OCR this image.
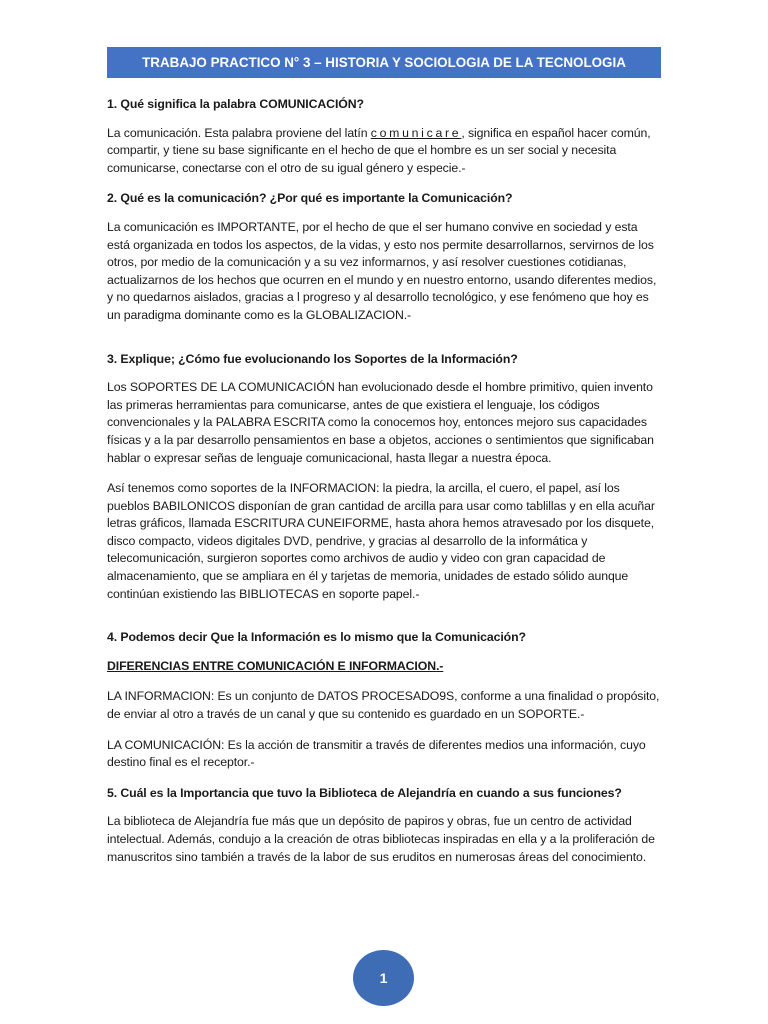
TRABAJO PRACTICO N° 3 – HISTORIA Y SOCIOLOGIA DE LA TECNOLOGIA
1. Qué significa la palabra COMUNICACIÓN?
La comunicación. Esta palabra proviene del latín comunicare, significa en español hacer común, compartir, y tiene su base significante en el hecho de que el hombre es un ser social y necesita comunicarse, conectarse con el otro de su igual género y especie.-
2. Qué es la comunicación? ¿Por qué es importante la Comunicación?
La comunicación es IMPORTANTE, por el hecho de que el ser humano convive en sociedad y esta está organizada en todos los aspectos, de la vidas, y esto nos permite desarrollarnos, servirnos de los otros, por medio de la comunicación y a su vez informarnos, y así resolver cuestiones cotidianas, actualizarnos de los hechos que ocurren en el mundo y en nuestro entorno, usando diferentes medios, y no quedarnos aislados, gracias a l progreso y al desarrollo tecnológico, y ese fenómeno que hoy es un paradigma dominante como es la GLOBALIZACION.-
3. Explique; ¿Cómo fue evolucionando los Soportes de la Información?
Los SOPORTES DE LA COMUNICACIÓN han evolucionado desde el hombre primitivo, quien invento las primeras herramientas para comunicarse, antes de que existiera el lenguaje, los códigos convencionales y la PALABRA ESCRITA como la conocemos hoy, entonces mejoro sus capacidades físicas y a la par desarrollo pensamientos en base a objetos, acciones o sentimientos que significaban hablar o expresar señas de lenguaje comunicacional, hasta llegar a nuestra época.
Así tenemos como soportes de la INFORMACION: la piedra, la arcilla, el cuero, el papel, así los pueblos BABILONICOS disponían de gran cantidad de arcilla para usar como tablillas y en ella acuñar letras gráficos, llamada ESCRITURA CUNEIFORME, hasta ahora hemos atravesado por los disquete, disco compacto, videos digitales DVD, pendrive, y gracias al desarrollo de la informática y telecomunicación, surgieron soportes como archivos de audio y video con gran capacidad de almacenamiento, que se ampliara en él y tarjetas de memoria, unidades de estado sólido aunque continúan existiendo las BIBLIOTECAS en soporte papel.-
4. Podemos decir Que la Información es lo mismo que la Comunicación?
DIFERENCIAS ENTRE COMUNICACIÓN E INFORMACION.-
LA INFORMACION: Es un conjunto de DATOS PROCESADO9S, conforme a una finalidad o propósito, de enviar al otro a través de un canal y que su contenido es guardado en un SOPORTE.-
LA COMUNICACIÓN: Es la acción de transmitir a través de diferentes medios una información, cuyo destino final es el receptor.-
5. Cuál es la Importancia que tuvo la Biblioteca de Alejandría en cuando a sus funciones?
La biblioteca de Alejandría fue más que un depósito de papiros y obras, fue un centro de actividad intelectual. Además, condujo a la creación de otras bibliotecas inspiradas en ella y a la proliferación de manuscritos sino también a través de la labor de sus eruditos en numerosas áreas del conocimiento.
1
